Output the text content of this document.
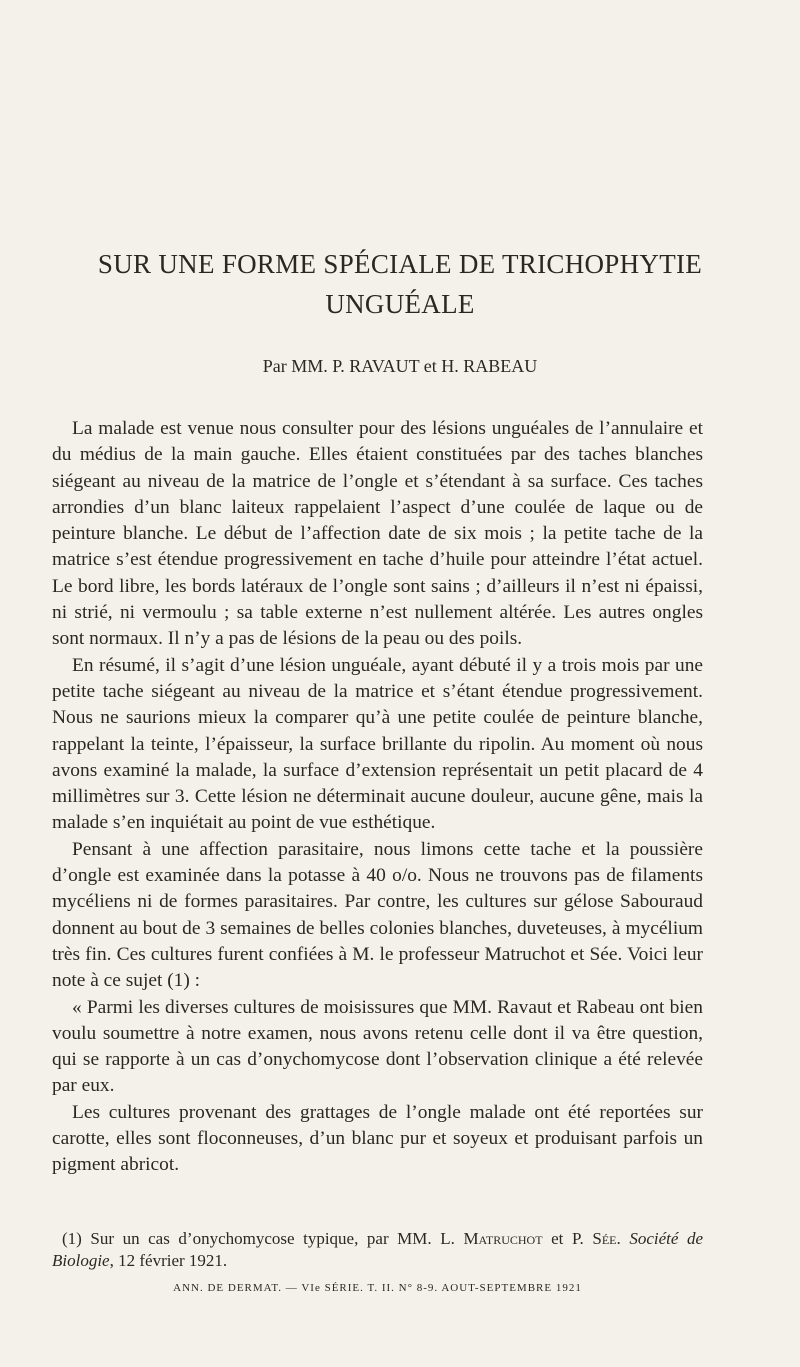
SUR UNE FORME SPÉCIALE DE TRICHOPHYTIE UNGUÉALE

Par MM. P. RAVAUT et H. RABEAU

La malade est venue nous consulter pour des lésions unguéales de l’annulaire et du médius de la main gauche. Elles étaient constituées par des taches blanches siégeant au niveau de la matrice de l’ongle et s’étendant à sa surface. Ces taches arrondies d’un blanc laiteux rappelaient l’aspect d’une coulée de laque ou de peinture blanche. Le début de l’affection date de six mois ; la petite tache de la matrice s’est étendue progressivement en tache d’huile pour atteindre l’état actuel. Le bord libre, les bords latéraux de l’ongle sont sains ; d’ailleurs il n’est ni épaissi, ni strié, ni vermoulu ; sa table externe n’est nullement altérée. Les autres ongles sont normaux. Il n’y a pas de lésions de la peau ou des poils.

En résumé, il s’agit d’une lésion unguéale, ayant débuté il y a trois mois par une petite tache siégeant au niveau de la matrice et s’étant étendue progressivement. Nous ne saurions mieux la comparer qu’à une petite coulée de peinture blanche, rappelant la teinte, l’épaisseur, la surface brillante du ripolin. Au moment où nous avons examiné la malade, la surface d’extension représentait un petit placard de 4 millimètres sur 3. Cette lésion ne déterminait aucune douleur, aucune gêne, mais la malade s’en inquiétait au point de vue esthétique.

Pensant à une affection parasitaire, nous limons cette tache et la poussière d’ongle est examinée dans la potasse à 40 o/o. Nous ne trouvons pas de filaments mycéliens ni de formes parasitaires. Par contre, les cultures sur gélose Sabouraud donnent au bout de 3 semaines de belles colonies blanches, duveteuses, à mycélium très fin. Ces cultures furent confiées à M. le professeur Matruchot et Sée. Voici leur note à ce sujet (1) :

« Parmi les diverses cultures de moisissures que MM. Ravaut et Rabeau ont bien voulu soumettre à notre examen, nous avons retenu celle dont il va être question, qui se rapporte à un cas d’onychomycose dont l’observation clinique a été relevée par eux.

Les cultures provenant des grattages de l’ongle malade ont été reportées sur carotte, elles sont floconneuses, d’un blanc pur et soyeux et produisant parfois un pigment abricot.

(1) Sur un cas d’onychomycose typique, par MM. L. Matruchot et P. Sée. Société de Biologie, 12 février 1921.

ANN. DE DERMAT. — VIe SÉRIE. T. II. N° 8-9. AOUT-SEPTEMBRE 1921
